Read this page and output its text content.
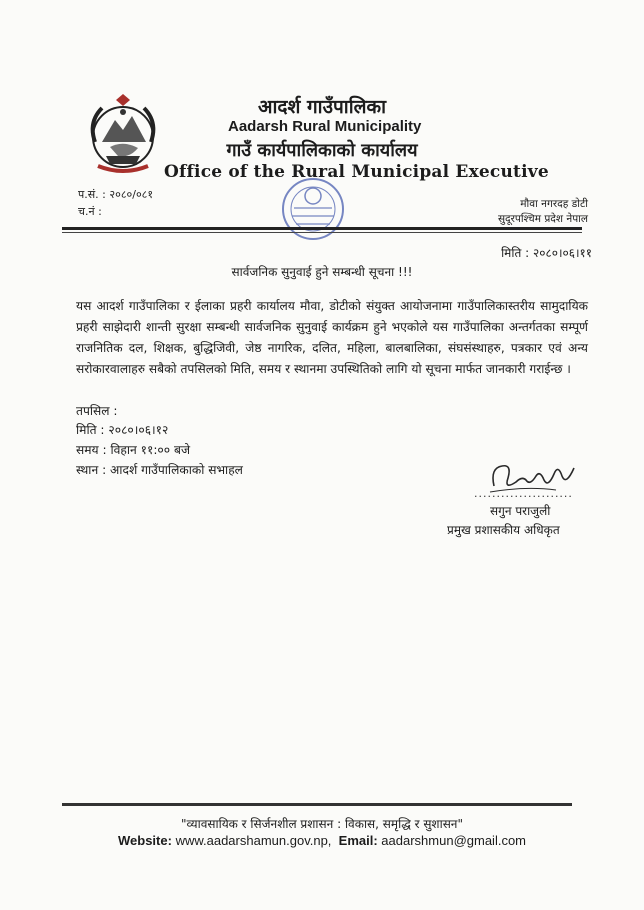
आदर्श गाउँपालिका
Aadarsh Rural Municipality
गाउँ कार्यपालिकाको कार्यालय
Office of the Rural Municipal Executive
प.सं. : २०८०/०८१
च.नं :
मौवा नगरदह डोटी
सुदूरपश्चिम प्रदेश नेपाल
मिति : २०८०।०६।११
सार्वजनिक सुनुवाई हुने सम्बन्धी सूचना !!!
यस आदर्श गाउँपालिका र ईलाका प्रहरी कार्यालय मौवा, डोटीको संयुक्त आयोजनामा गाउँपालिकास्तरीय सामुदायिक प्रहरी साझेदारी शान्ती सुरक्षा सम्बन्धी सार्वजनिक सुनुवाई कार्यक्रम हुने भएकोले यस गाउँपालिका अन्तर्गतका सम्पूर्ण राजनितिक दल, शिक्षक, बुद्धिजिवी, जेष्ठ नागरिक, दलित, महिला, बालबालिका, संघसंस्थाहरु, पत्रकार एवं अन्य सरोकारवालाहरु सबैको तपसिलको मिति, समय र स्थानमा उपस्थितिको लागि यो सूचना मार्फत जानकारी गराईन्छ ।
तपसिल :
मिति : २०८०।०६।१२
समय : विहान ११:०० बजे
स्थान : आदर्श गाउँपालिकाको सभाहल
......................
सगुन पराजुली
प्रमुख प्रशासकीय अधिकृत
"व्यावसायिक र सिर्जनशील प्रशासन : विकास, समृद्धि र सुशासन"
Website: www.aadarshamun.gov.np, Email: aadarshmun@gmail.com
